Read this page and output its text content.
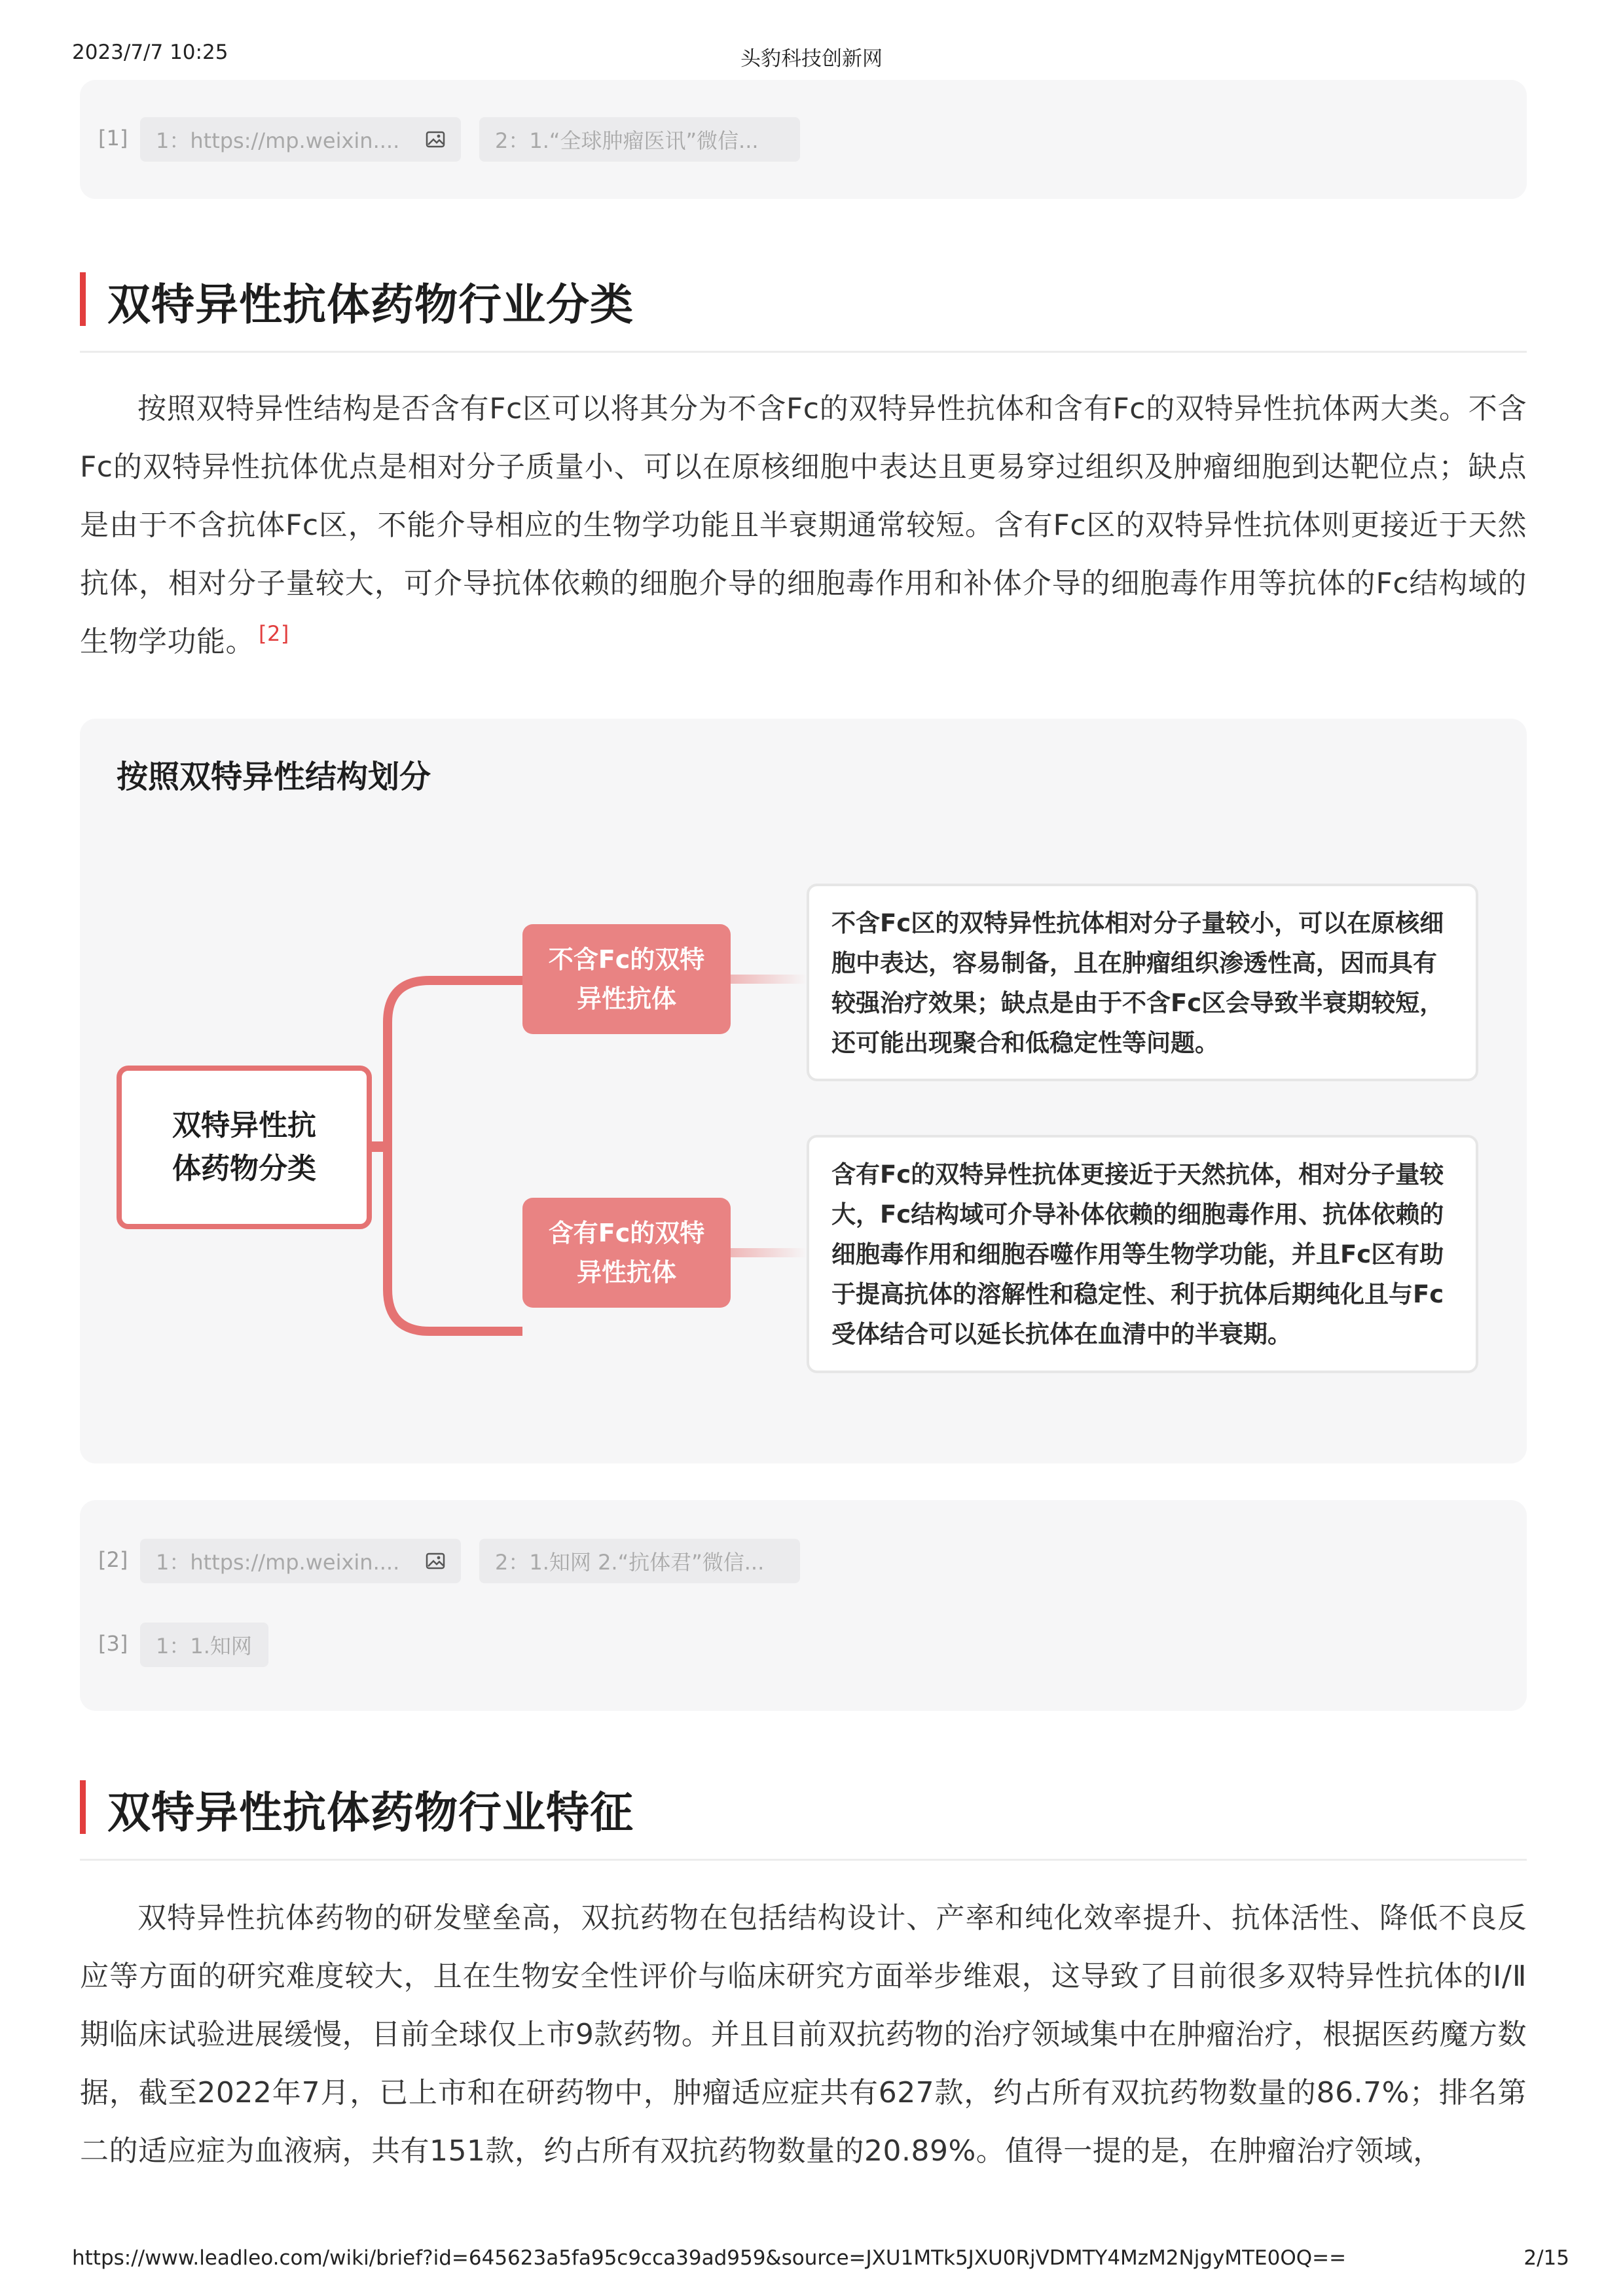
2023/7/7 10:25	头豹科技创新网
[1] 1：https://mp.weixin....	2：1.“全球肿瘤医讯”微信...
双特异性抗体药物行业分类
按照双特异性结构是否含有Fc区可以将其分为不含Fc的双特异性抗体和含有Fc的双特异性抗体两大类。不含Fc的双特异性抗体优点是相对分子质量小、可以在原核细胞中表达且更易穿过组织及肿瘤细胞到达靶位点；缺点是由于不含抗体Fc区，不能介导相应的生物学功能且半衰期通常较短。含有Fc区的双特异性抗体则更接近于天然抗体，相对分子量较大，可介导抗体依赖的细胞介导的细胞毒作用和补体介导的细胞毒作用等抗体的Fc结构域的生物学功能。 [2]
按照双特异性结构划分
双特异性抗
体药物分类
不含Fc的双特
异性抗体
不含Fc区的双特异性抗体相对分子量较小，可以在原核细胞中表达，容易制备，且在肿瘤组织渗透性高，因而具有较强治疗效果；缺点是由于不含Fc区会导致半衰期较短，还可能出现聚合和低稳定性等问题。
含有Fc的双特
异性抗体
含有Fc的双特异性抗体更接近于天然抗体，相对分子量较大，Fc结构域可介导补体依赖的细胞毒作用、抗体依赖的细胞毒作用和细胞吞噬作用等生物学功能，并且Fc区有助于提高抗体的溶解性和稳定性、利于抗体后期纯化且与Fc受体结合可以延长抗体在血清中的半衰期。
[2] 1：https://mp.weixin....	2：1.知网 2.“抗体君”微信...
[3] 1：1.知网
双特异性抗体药物行业特征
双特异性抗体药物的研发壁垒高，双抗药物在包括结构设计、产率和纯化效率提升、抗体活性、降低不良反应等方面的研究难度较大，且在生物安全性评价与临床研究方面举步维艰，这导致了目前很多双特异性抗体的Ⅰ/Ⅱ期临床试验进展缓慢，目前全球仅上市9款药物。并且目前双抗药物的治疗领域集中在肿瘤治疗，根据医药魔方数据，截至2022年7月，已上市和在研药物中，肿瘤适应症共有627款，约占所有双抗药物数量的86.7%；排名第二的适应症为血液病，共有151款，约占所有双抗药物数量的20.89%。值得一提的是，在肿瘤治疗领域，
https://www.leadleo.com/wiki/brief?id=645623a5fa95c9cca39ad959&source=JXU1MTk5JXU0RjVDMTY4MzM2NjgyMTE0OQ==	2/15
